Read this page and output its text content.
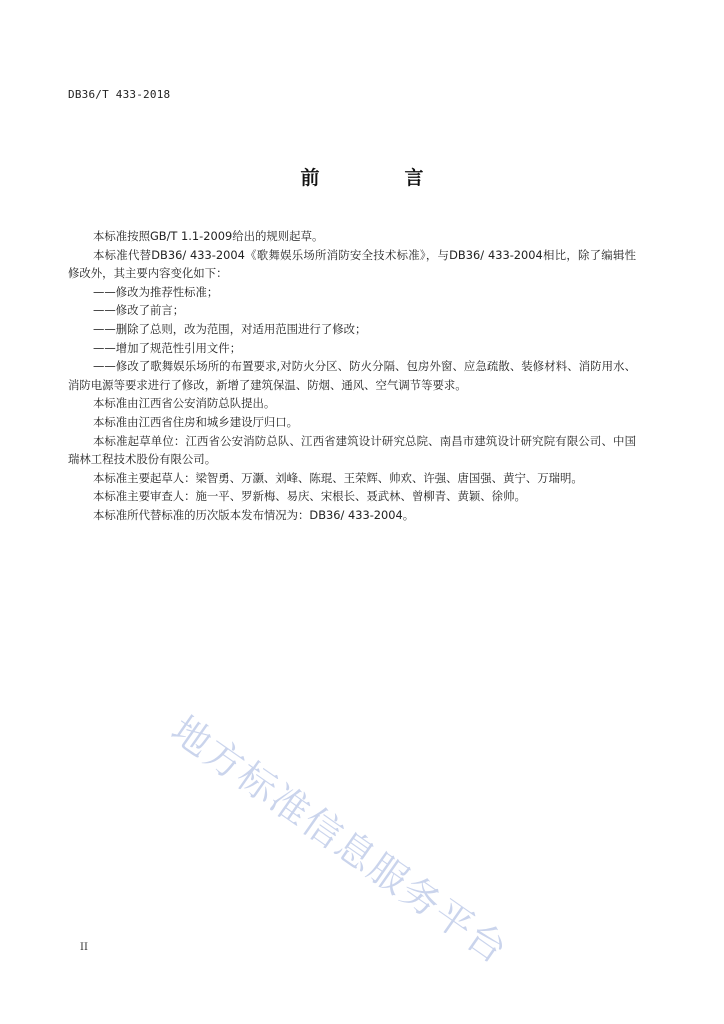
DB36/T 433-2018
前　言

本标准按照GB/T 1.1-2009给出的规则起草。

本标准代替DB36/ 433-2004《歌舞娱乐场所消防安全技术标准》，与DB36/ 433-2004相比，除了编辑性修改外，其主要内容变化如下：

——修改为推荐性标准；

——修改了前言；

——删除了总则，改为范围，对适用范围进行了修改；

——增加了规范性引用文件；

——修改了歌舞娱乐场所的布置要求,对防火分区、防火分隔、包房外窗、应急疏散、装修材料、消防用水、消防电源等要求进行了修改，新增了建筑保温、防烟、通风、空气调节等要求。

本标准由江西省公安消防总队提出。

本标准由江西省住房和城乡建设厅归口。

本标准起草单位：江西省公安消防总队、江西省建筑设计研究总院、南昌市建筑设计研究院有限公司、中国瑞林工程技术股份有限公司。

本标准主要起草人：梁智勇、万灏、刘峰、陈琨、王荣辉、帅欢、许强、唐国强、黄宁、万瑞明。

本标准主要审查人：施一平、罗新梅、易庆、宋根长、聂武林、曾柳青、黄颖、徐帅。

本标准所代替标准的历次版本发布情况为：DB36/ 433-2004。

地方标准信息服务平台
II
